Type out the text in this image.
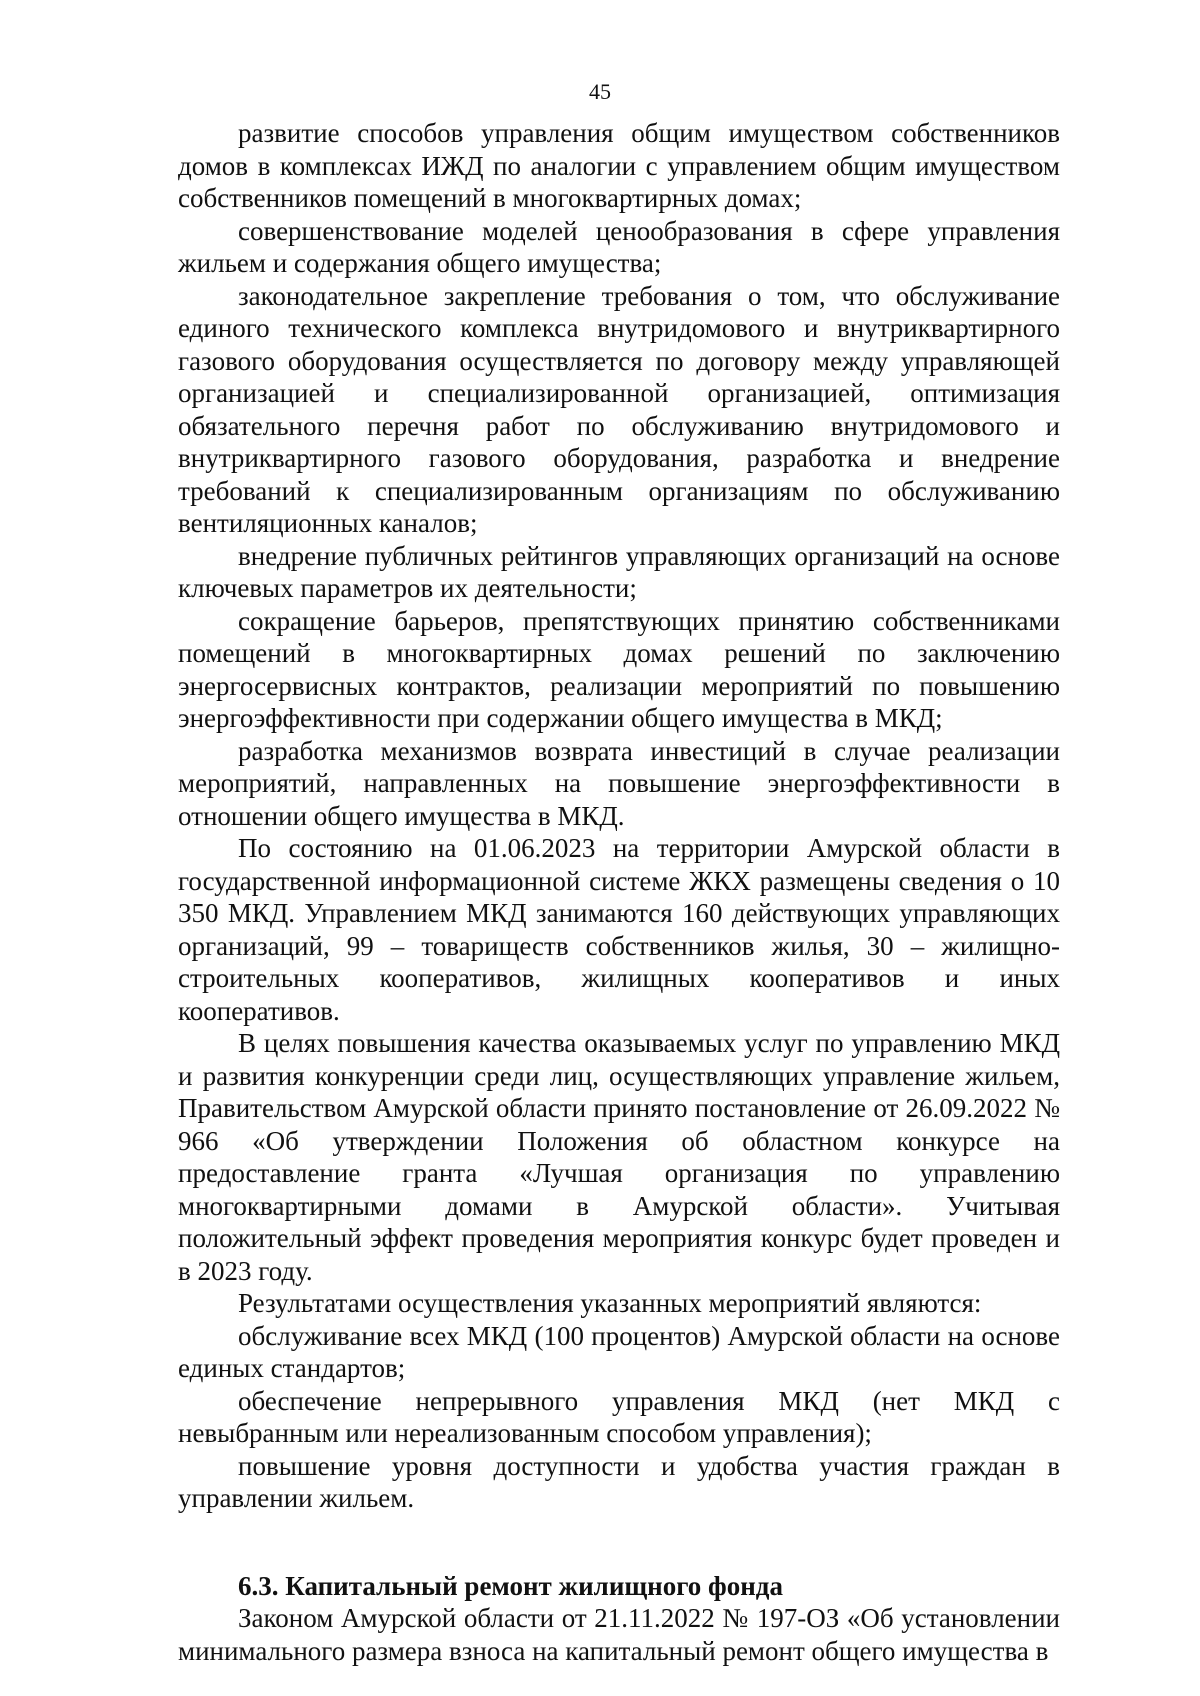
45

развитие способов управления общим имуществом собственников домов в комплексах ИЖД по аналогии с управлением общим имуществом собственников помещений в многоквартирных домах;

совершенствование моделей ценообразования в сфере управления жильем и содержания общего имущества;

законодательное закрепление требования о том, что обслуживание единого технического комплекса внутридомового и внутриквартирного газового оборудования осуществляется по договору между управляющей организацией и специализированной организацией, оптимизация обязательного перечня работ по обслуживанию внутридомового и внутриквартирного газового оборудования, разработка и внедрение требований к специализированным организациям по обслуживанию вентиляционных каналов;

внедрение публичных рейтингов управляющих организаций на основе ключевых параметров их деятельности;

сокращение барьеров, препятствующих принятию собственниками помещений в многоквартирных домах решений по заключению энергосервисных контрактов, реализации мероприятий по повышению энергоэффективности при содержании общего имущества в МКД;

разработка механизмов возврата инвестиций в случае реализации мероприятий, направленных на повышение энергоэффективности в отношении общего имущества в МКД.

По состоянию на 01.06.2023 на территории Амурской области в государственной информационной системе ЖКХ размещены сведения о 10 350 МКД. Управлением МКД занимаются 160 действующих управляющих организаций, 99 – товариществ собственников жилья, 30 – жилищно-строительных кооперативов, жилищных кооперативов и иных кооперативов.

В целях повышения качества оказываемых услуг по управлению МКД и развития конкуренции среди лиц, осуществляющих управление жильем, Правительством Амурской области принято постановление от 26.09.2022 № 966 «Об утверждении Положения об областном конкурсе на предоставление гранта «Лучшая организация по управлению многоквартирными домами в Амурской области». Учитывая положительный эффект проведения мероприятия конкурс будет проведен и в 2023 году.

Результатами осуществления указанных мероприятий являются:

обслуживание всех МКД (100 процентов) Амурской области на основе единых стандартов;

обеспечение непрерывного управления МКД (нет МКД с невыбранным или нереализованным способом управления);

повышение уровня доступности и удобства участия граждан в управлении жильем.

6.3. Капитальный ремонт жилищного фонда

Законом Амурской области от 21.11.2022 № 197-ОЗ «Об установлении минимального размера взноса на капитальный ремонт общего имущества в
